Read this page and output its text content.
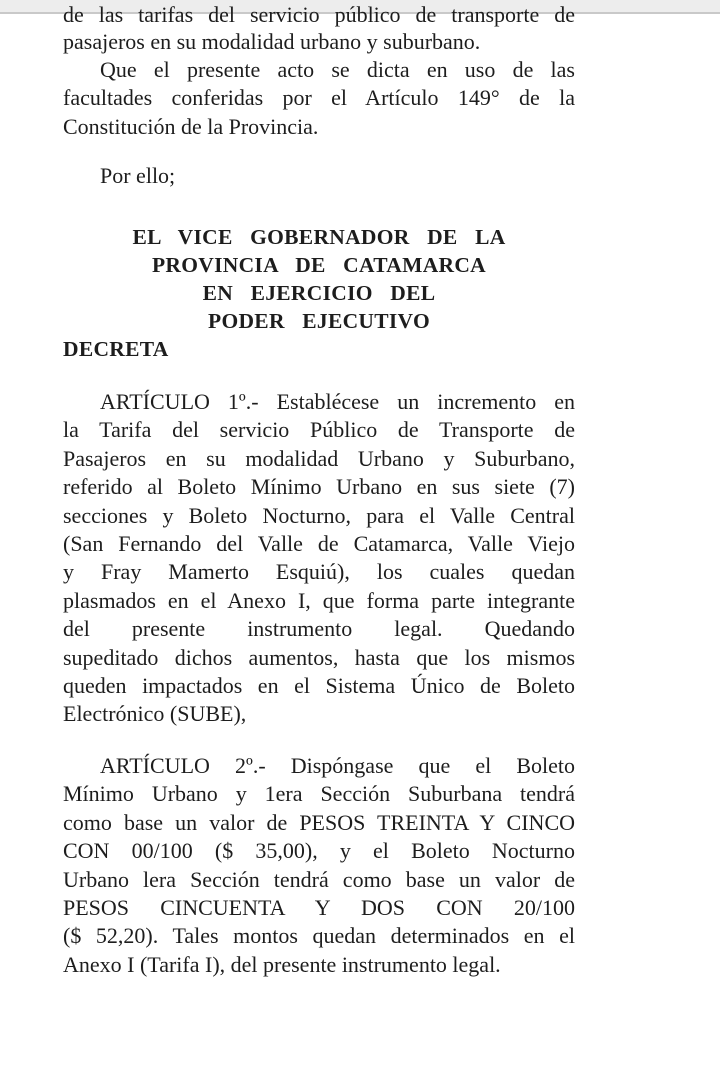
de las tarifas del servicio público de transporte de
pasajeros en su modalidad urbano y suburbano.
Que el presente acto se dicta en uso de las
facultades conferidas por el Artículo 149° de la
Constitución de la Provincia.
Por ello;
EL VICE GOBERNADOR DE LA
PROVINCIA DE CATAMARCA
EN EJERCICIO DEL
PODER EJECUTIVO
DECRETA
ARTÍCULO 1º.- Establécese un incremento en
la Tarifa del servicio Público de Transporte de
Pasajeros en su modalidad Urbano y Suburbano,
referido al Boleto Mínimo Urbano en sus siete (7)
secciones y Boleto Nocturno, para el Valle Central
(San Fernando del Valle de Catamarca, Valle Viejo
y Fray Mamerto Esquiú), los cuales quedan
plasmados en el Anexo I, que forma parte integrante
del presente instrumento legal. Quedando
supeditado dichos aumentos, hasta que los mismos
queden impactados en el Sistema Único de Boleto
Electrónico (SUBE),
ARTÍCULO 2º.- Dispóngase que el Boleto
Mínimo Urbano y 1era Sección Suburbana tendrá
como base un valor de PESOS TREINTA Y CINCO
CON 00/100 ($ 35,00), y el Boleto Nocturno
Urbano lera Sección tendrá como base un valor de
PESOS CINCUENTA Y DOS CON 20/100
($ 52,20). Tales montos quedan determinados en el
Anexo I (Tarifa I), del presente instrumento legal.
